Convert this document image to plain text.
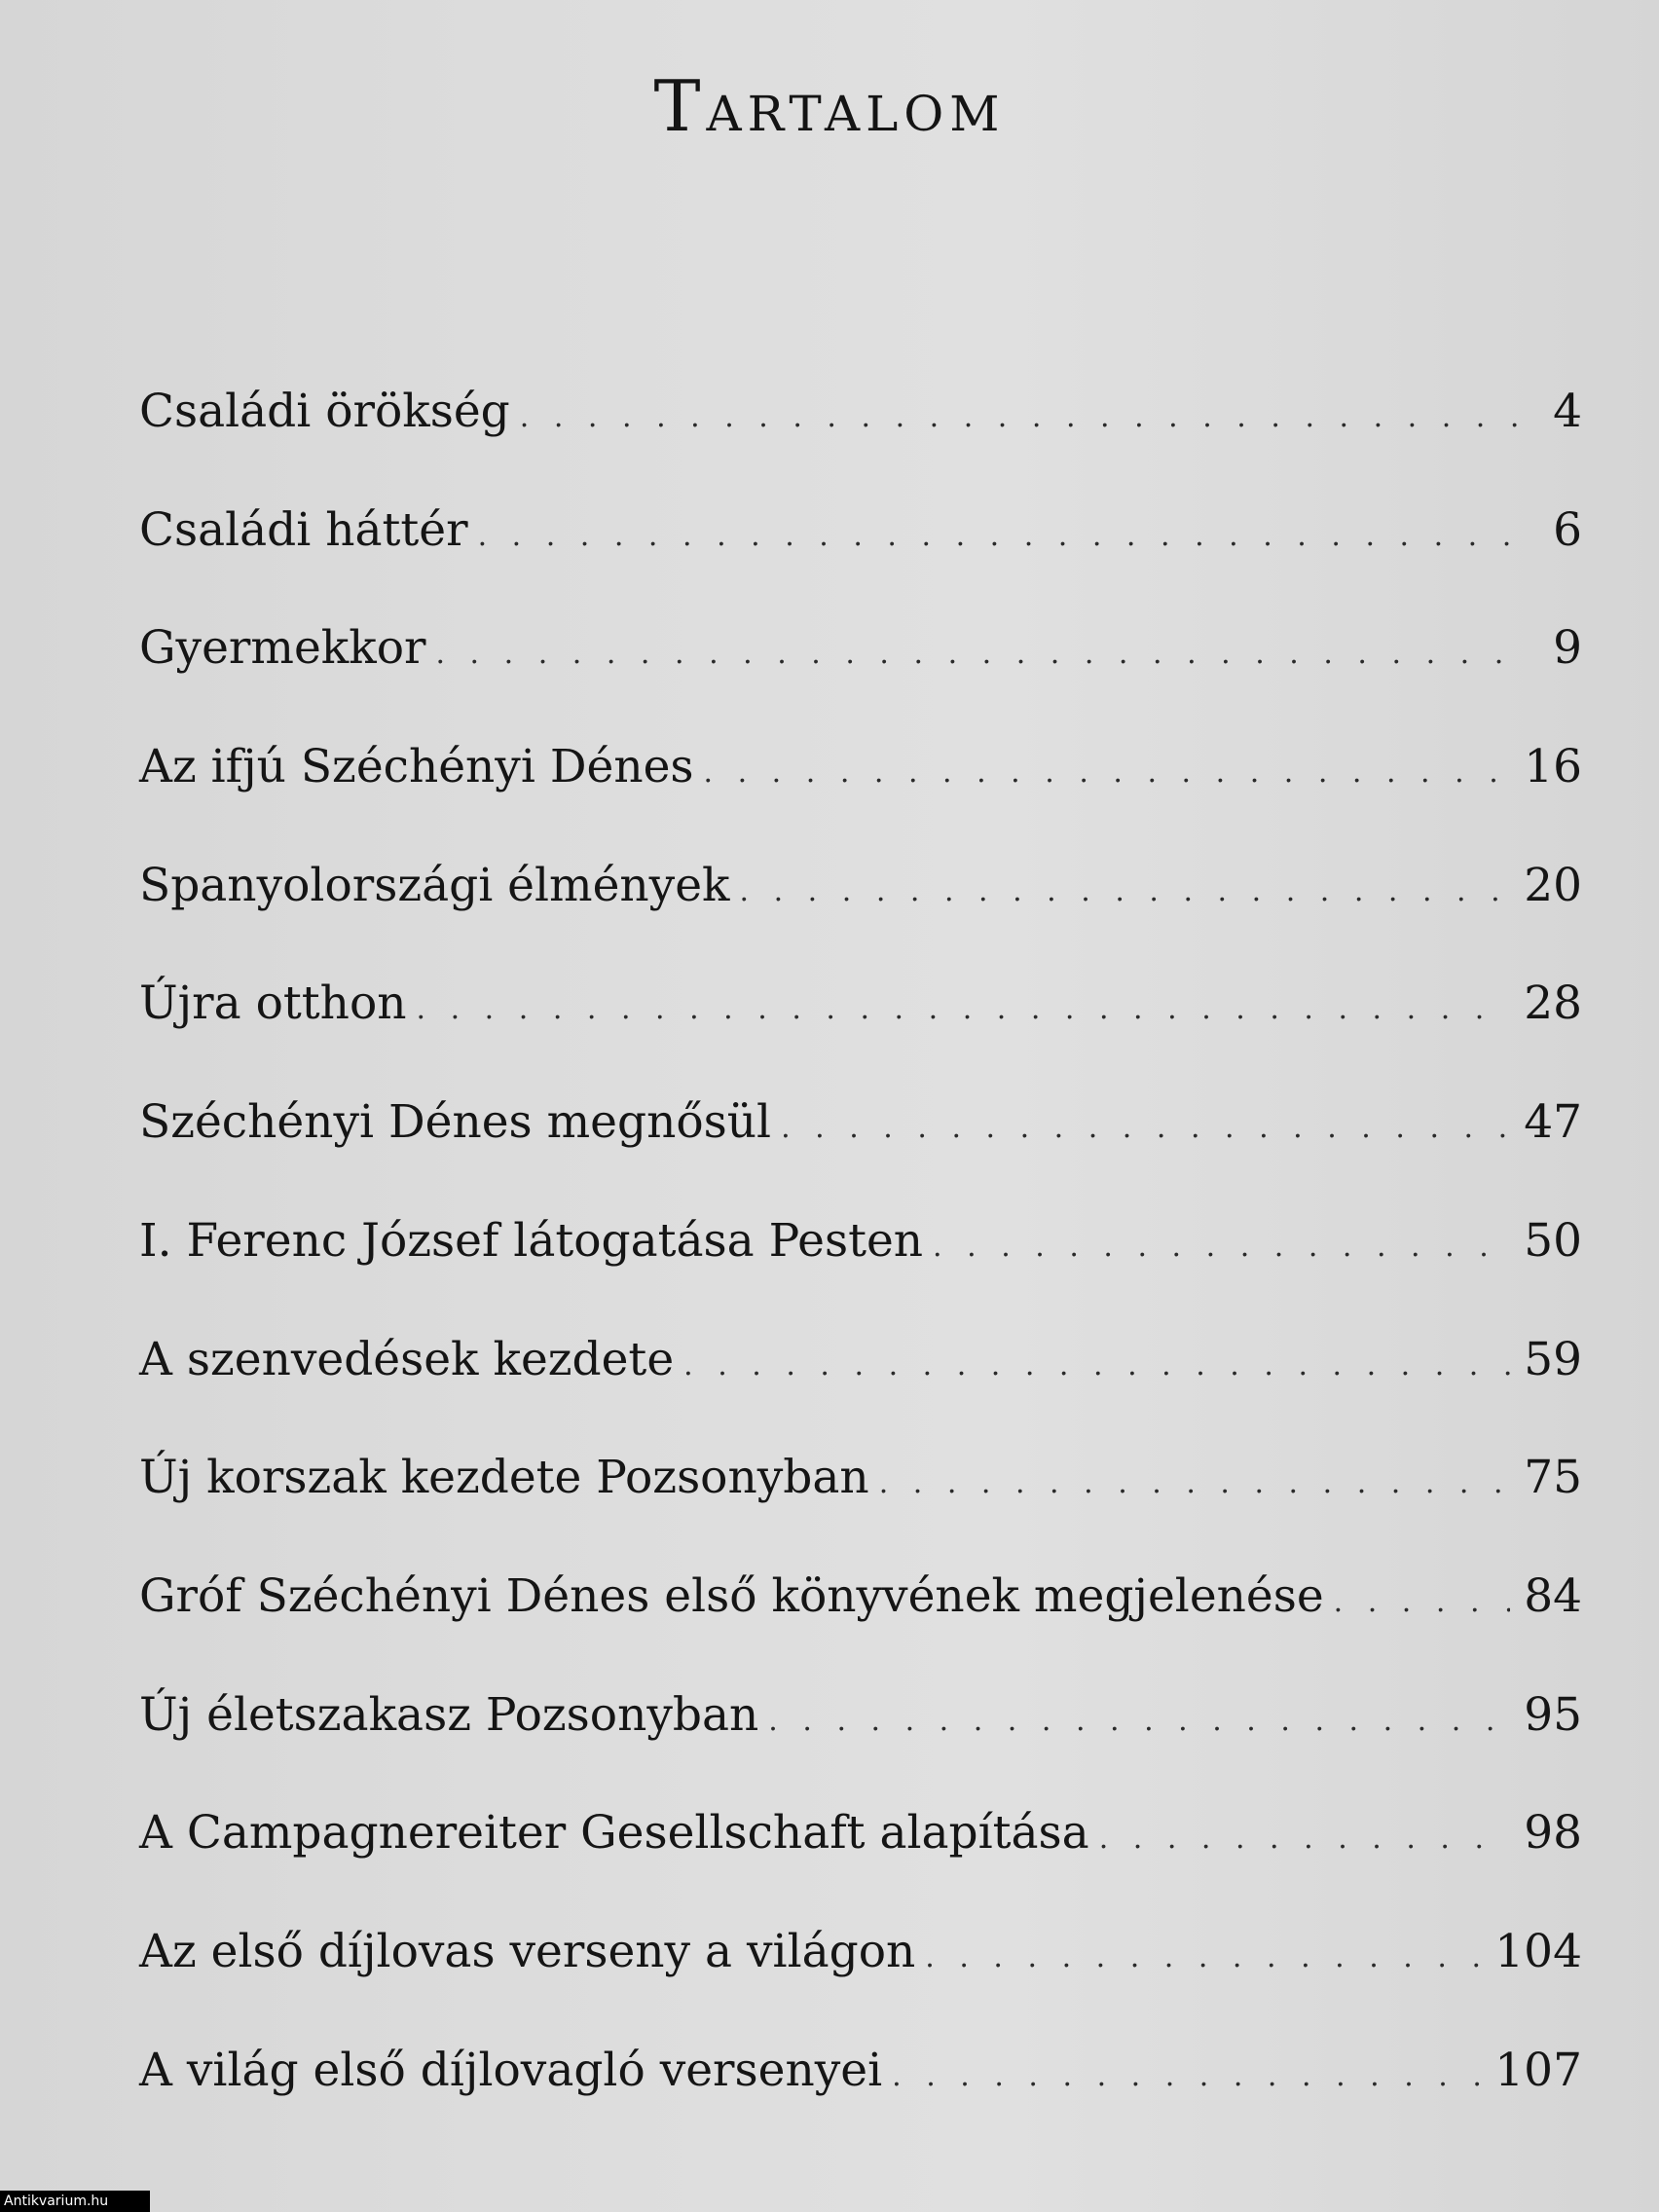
Tartalom
Családi örökség . . .	4
Családi háttér . . .	6
Gyermekkor . . .	9
Az ifjú Széchényi Dénes . . .	16
Spanyolországi élmények . . .	20
Újra otthon . . .	28
Széchényi Dénes megnősül . . .	47
I. Ferenc József látogatása Pesten . . .	50
A szenvedések kezdete . . .	59
Új korszak kezdete Pozsonyban . . .	75
Gróf Széchényi Dénes első könyvének megjelenése . . .	84
Új életszakasz Pozsonyban . . .	95
A Campagnereiter Gesellschaft alapítása . . .	98
Az első díjlovas verseny a világon . . .	104
A világ első díjlovagló versenyei . . .	107
Antikvarium.hu
